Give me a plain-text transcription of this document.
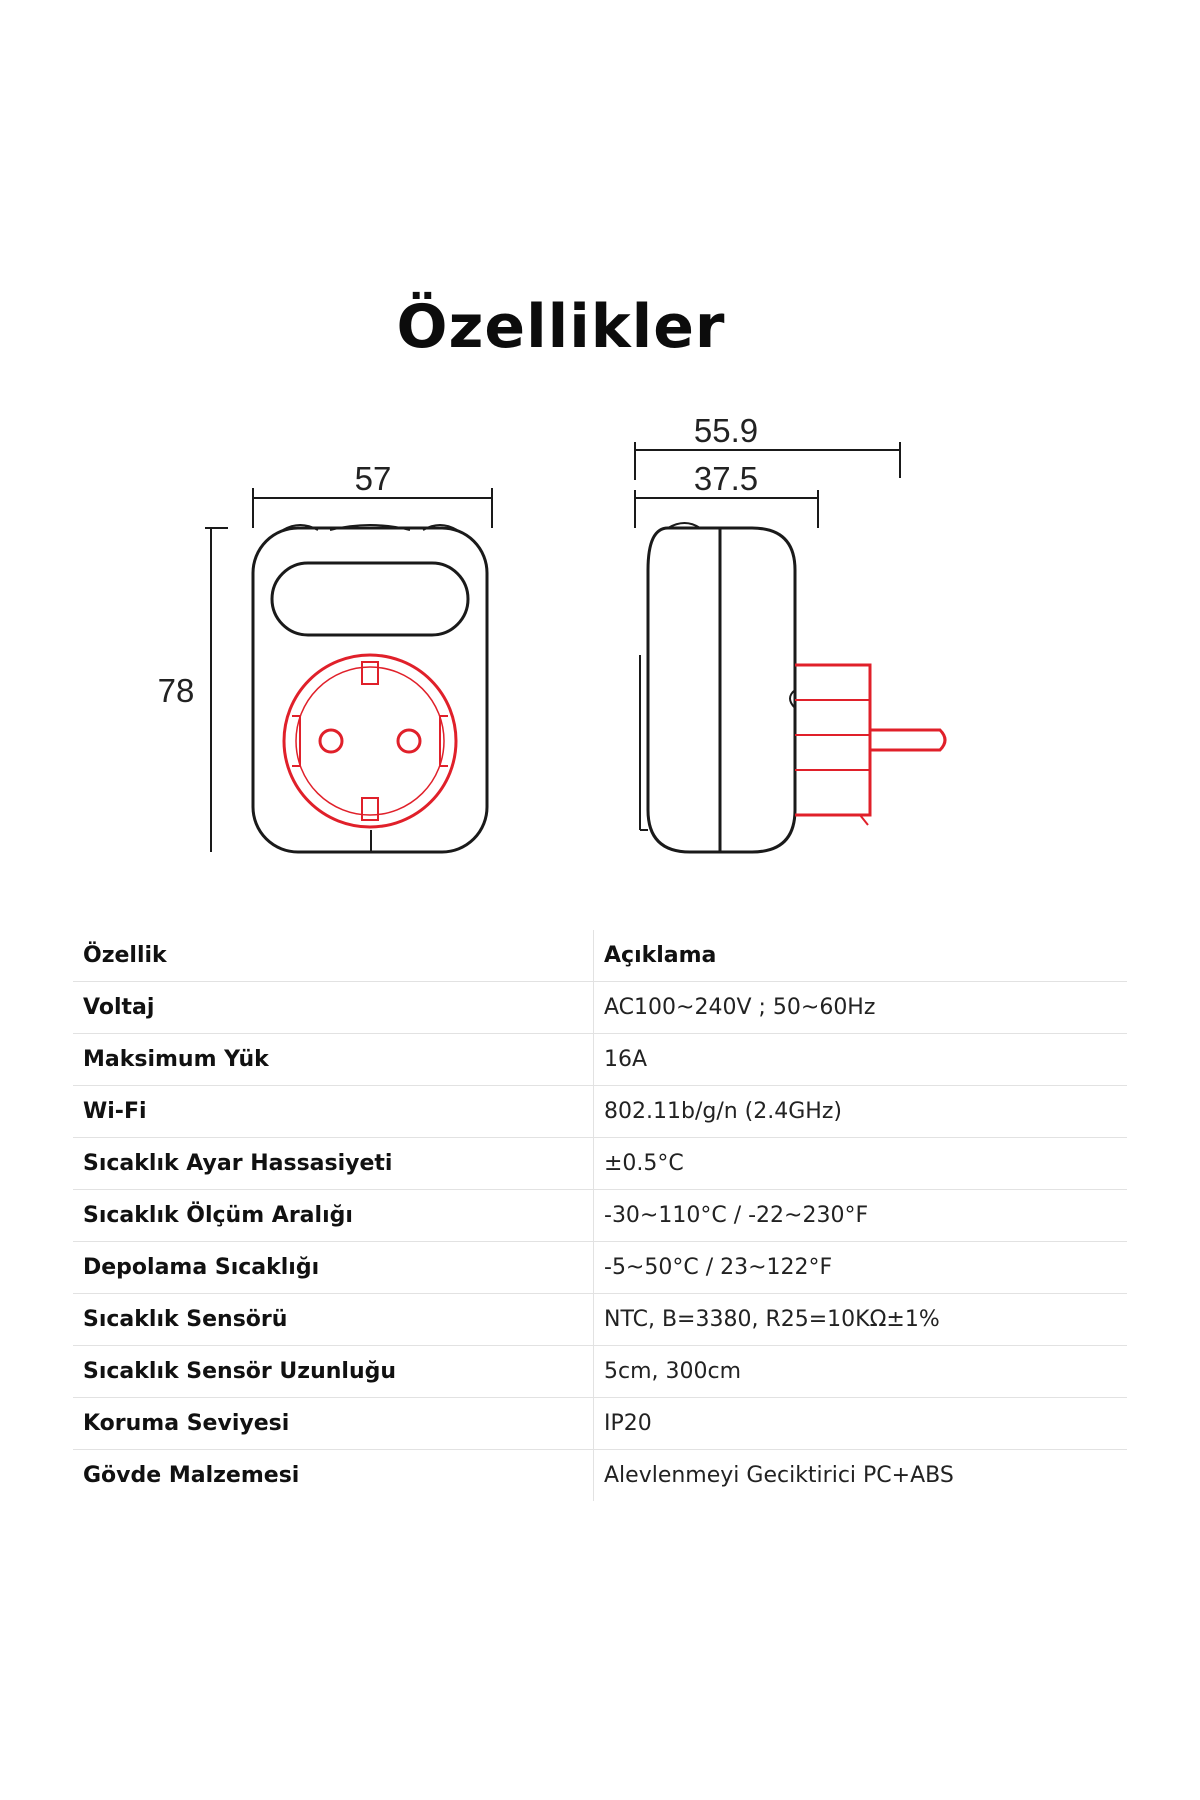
Özellikler
57
78
55.9
37.5
Özellik	Açıklama
Voltaj	AC100~240V ; 50~60Hz
Maksimum Yük	16A
Wi-Fi	802.11b/g/n (2.4GHz)
Sıcaklık Ayar Hassasiyeti	±0.5°C
Sıcaklık Ölçüm Aralığı	-30~110°C / -22~230°F
Depolama Sıcaklığı	-5~50°C / 23~122°F
Sıcaklık Sensörü	NTC, B=3380, R25=10KΩ±1%
Sıcaklık Sensör Uzunluğu	5cm, 300cm
Koruma Seviyesi	IP20
Gövde Malzemesi	Alevlenmeyi Geciktirici PC+ABS
